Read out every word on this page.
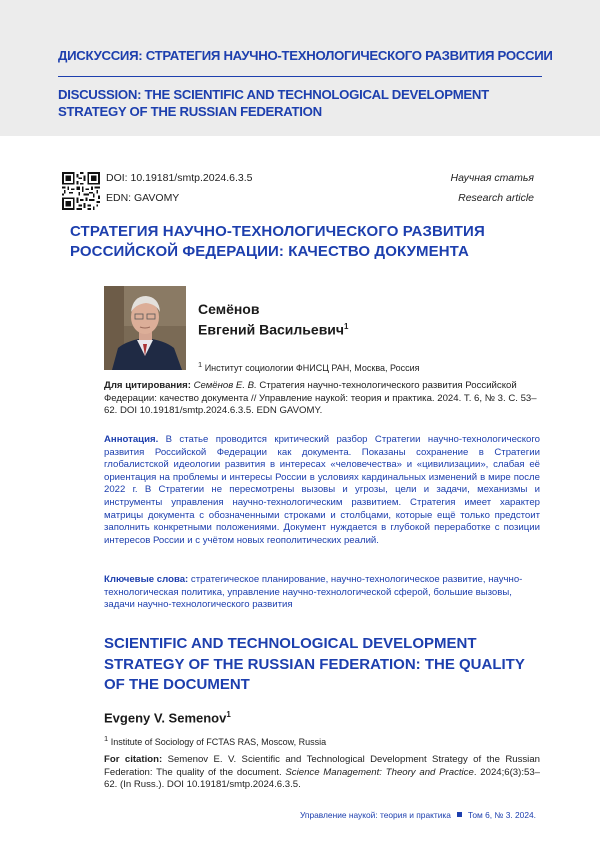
ДИСКУССИЯ: СТРАТЕГИЯ НАУЧНО-ТЕХНОЛОГИЧЕСКОГО РАЗВИТИЯ РОССИИ
DISCUSSION: THE SCIENTIFIC AND TECHNOLOGICAL DEVELOPMENT STRATEGY OF THE RUSSIAN FEDERATION
DOI: 10.19181/smtp.2024.6.3.5
EDN: GAVOMY
Научная статья
Research article
СТРАТЕГИЯ НАУЧНО-ТЕХНОЛОГИЧЕСКОГО РАЗВИТИЯ РОССИЙСКОЙ ФЕДЕРАЦИИ: КАЧЕСТВО ДОКУМЕНТА
Семёнов
Евгений Васильевич$^1$
$^1$ Институт социологии ФНИСЦ РАН, Москва, Россия
Для цитирования: Семёнов Е. В. Стратегия научно-технологического развития Российской Федерации: качество документа // Управление наукой: теория и практика. 2024. Т. 6, № 3. С. 53–62. DOI 10.19181/smtp.2024.6.3.5. EDN GAVOMY.
Аннотация. В статье проводится критический разбор Стратегии научно-технологического развития Российской Федерации как документа. Показаны сохранение в Стратегии глобалистской идеологии развития в интересах «человечества» и «цивилизации», слабая её ориентация на проблемы и интересы России в условиях кардинальных изменений в мире после 2022 г. В Стратегии не пересмотрены вызовы и угрозы, цели и задачи, механизмы и инструменты управления научно-технологическим развитием. Стратегия имеет характер матрицы документа с обозначенными строками и столбцами, которые ещё только предстоит заполнить конкретными положениями. Документ нуждается в глубокой переработке с позиции интересов России и с учётом новых геополитических реалий.
Ключевые слова: стратегическое планирование, научно-технологическое развитие, научно-технологическая политика, управление научно-технологической сферой, большие вызовы, задачи научно-технологического развития
SCIENTIFIC AND TECHNOLOGICAL DEVELOPMENT STRATEGY OF THE RUSSIAN FEDERATION: THE QUALITY OF THE DOCUMENT
Evgeny V. Semenov$^1$
$^1$ Institute of Sociology of FCTAS RAS, Moscow, Russia
For citation: Semenov E. V. Scientific and Technological Development Strategy of the Russian Federation: The quality of the document. Science Management: Theory and Practice. 2024;6(3):53–62. (In Russ.). DOI 10.19181/smtp.2024.6.3.5.
Управление наукой: теория и практика Том 6, № 3. 2024.
